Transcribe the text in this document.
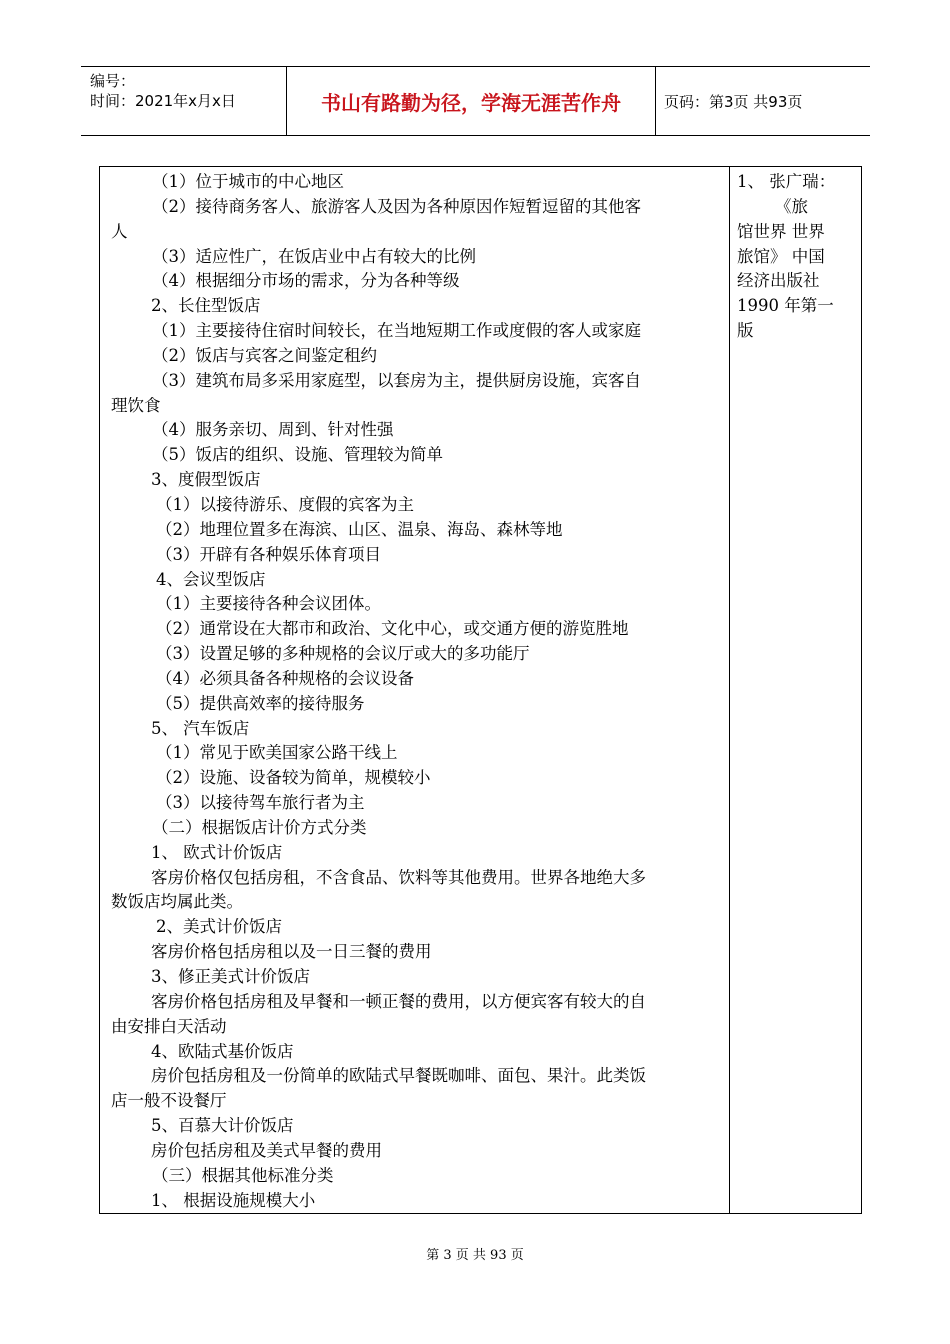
编号：
时间：2021年x月x日	书山有路勤为径，学海无涯苦作舟	页码：第3页 共93页
（1）位于城市的中心地区
（2）接待商务客人、旅游客人及因为各种原因作短暂逗留的其他客
人
（3）适应性广，在饭店业中占有较大的比例
（4）根据细分市场的需求，分为各种等级
2、长住型饭店
（1）主要接待住宿时间较长，在当地短期工作或度假的客人或家庭
（2）饭店与宾客之间鉴定租约
（3）建筑布局多采用家庭型，以套房为主，提供厨房设施，宾客自
理饮食
（4）服务亲切、周到、针对性强
（5）饭店的组织、设施、管理较为简单
3、度假型饭店
（1）以接待游乐、度假的宾客为主
（2）地理位置多在海滨、山区、温泉、海岛、森林等地
（3）开辟有各种娱乐体育项目
4、会议型饭店
（1）主要接待各种会议团体。
（2）通常设在大都市和政治、文化中心，或交通方便的游览胜地
（3）设置足够的多种规格的会议厅或大的多功能厅
（4）必须具备各种规格的会议设备
（5）提供高效率的接待服务
5、 汽车饭店
（1）常见于欧美国家公路干线上
（2）设施、设备较为简单，规模较小
（3）以接待驾车旅行者为主
（二）根据饭店计价方式分类
1、 欧式计价饭店
客房价格仅包括房租，不含食品、饮料等其他费用。世界各地绝大多
数饭店均属此类。
2、美式计价饭店
客房价格包括房租以及一日三餐的费用
3、修正美式计价饭店
客房价格包括房租及早餐和一顿正餐的费用，以方便宾客有较大的自
由安排白天活动
4、欧陆式基价饭店
房价包括房租及一份简单的欧陆式早餐既咖啡、面包、果汁。此类饭
店一般不设餐厅
5、百慕大计价饭店
房价包括房租及美式早餐的费用
（三）根据其他标准分类
1、 根据设施规模大小
1、 张广瑞：
《旅
馆世界 世界
旅馆》 中国
经济出版社
1990 年第一
版
第 3 页 共 93 页
